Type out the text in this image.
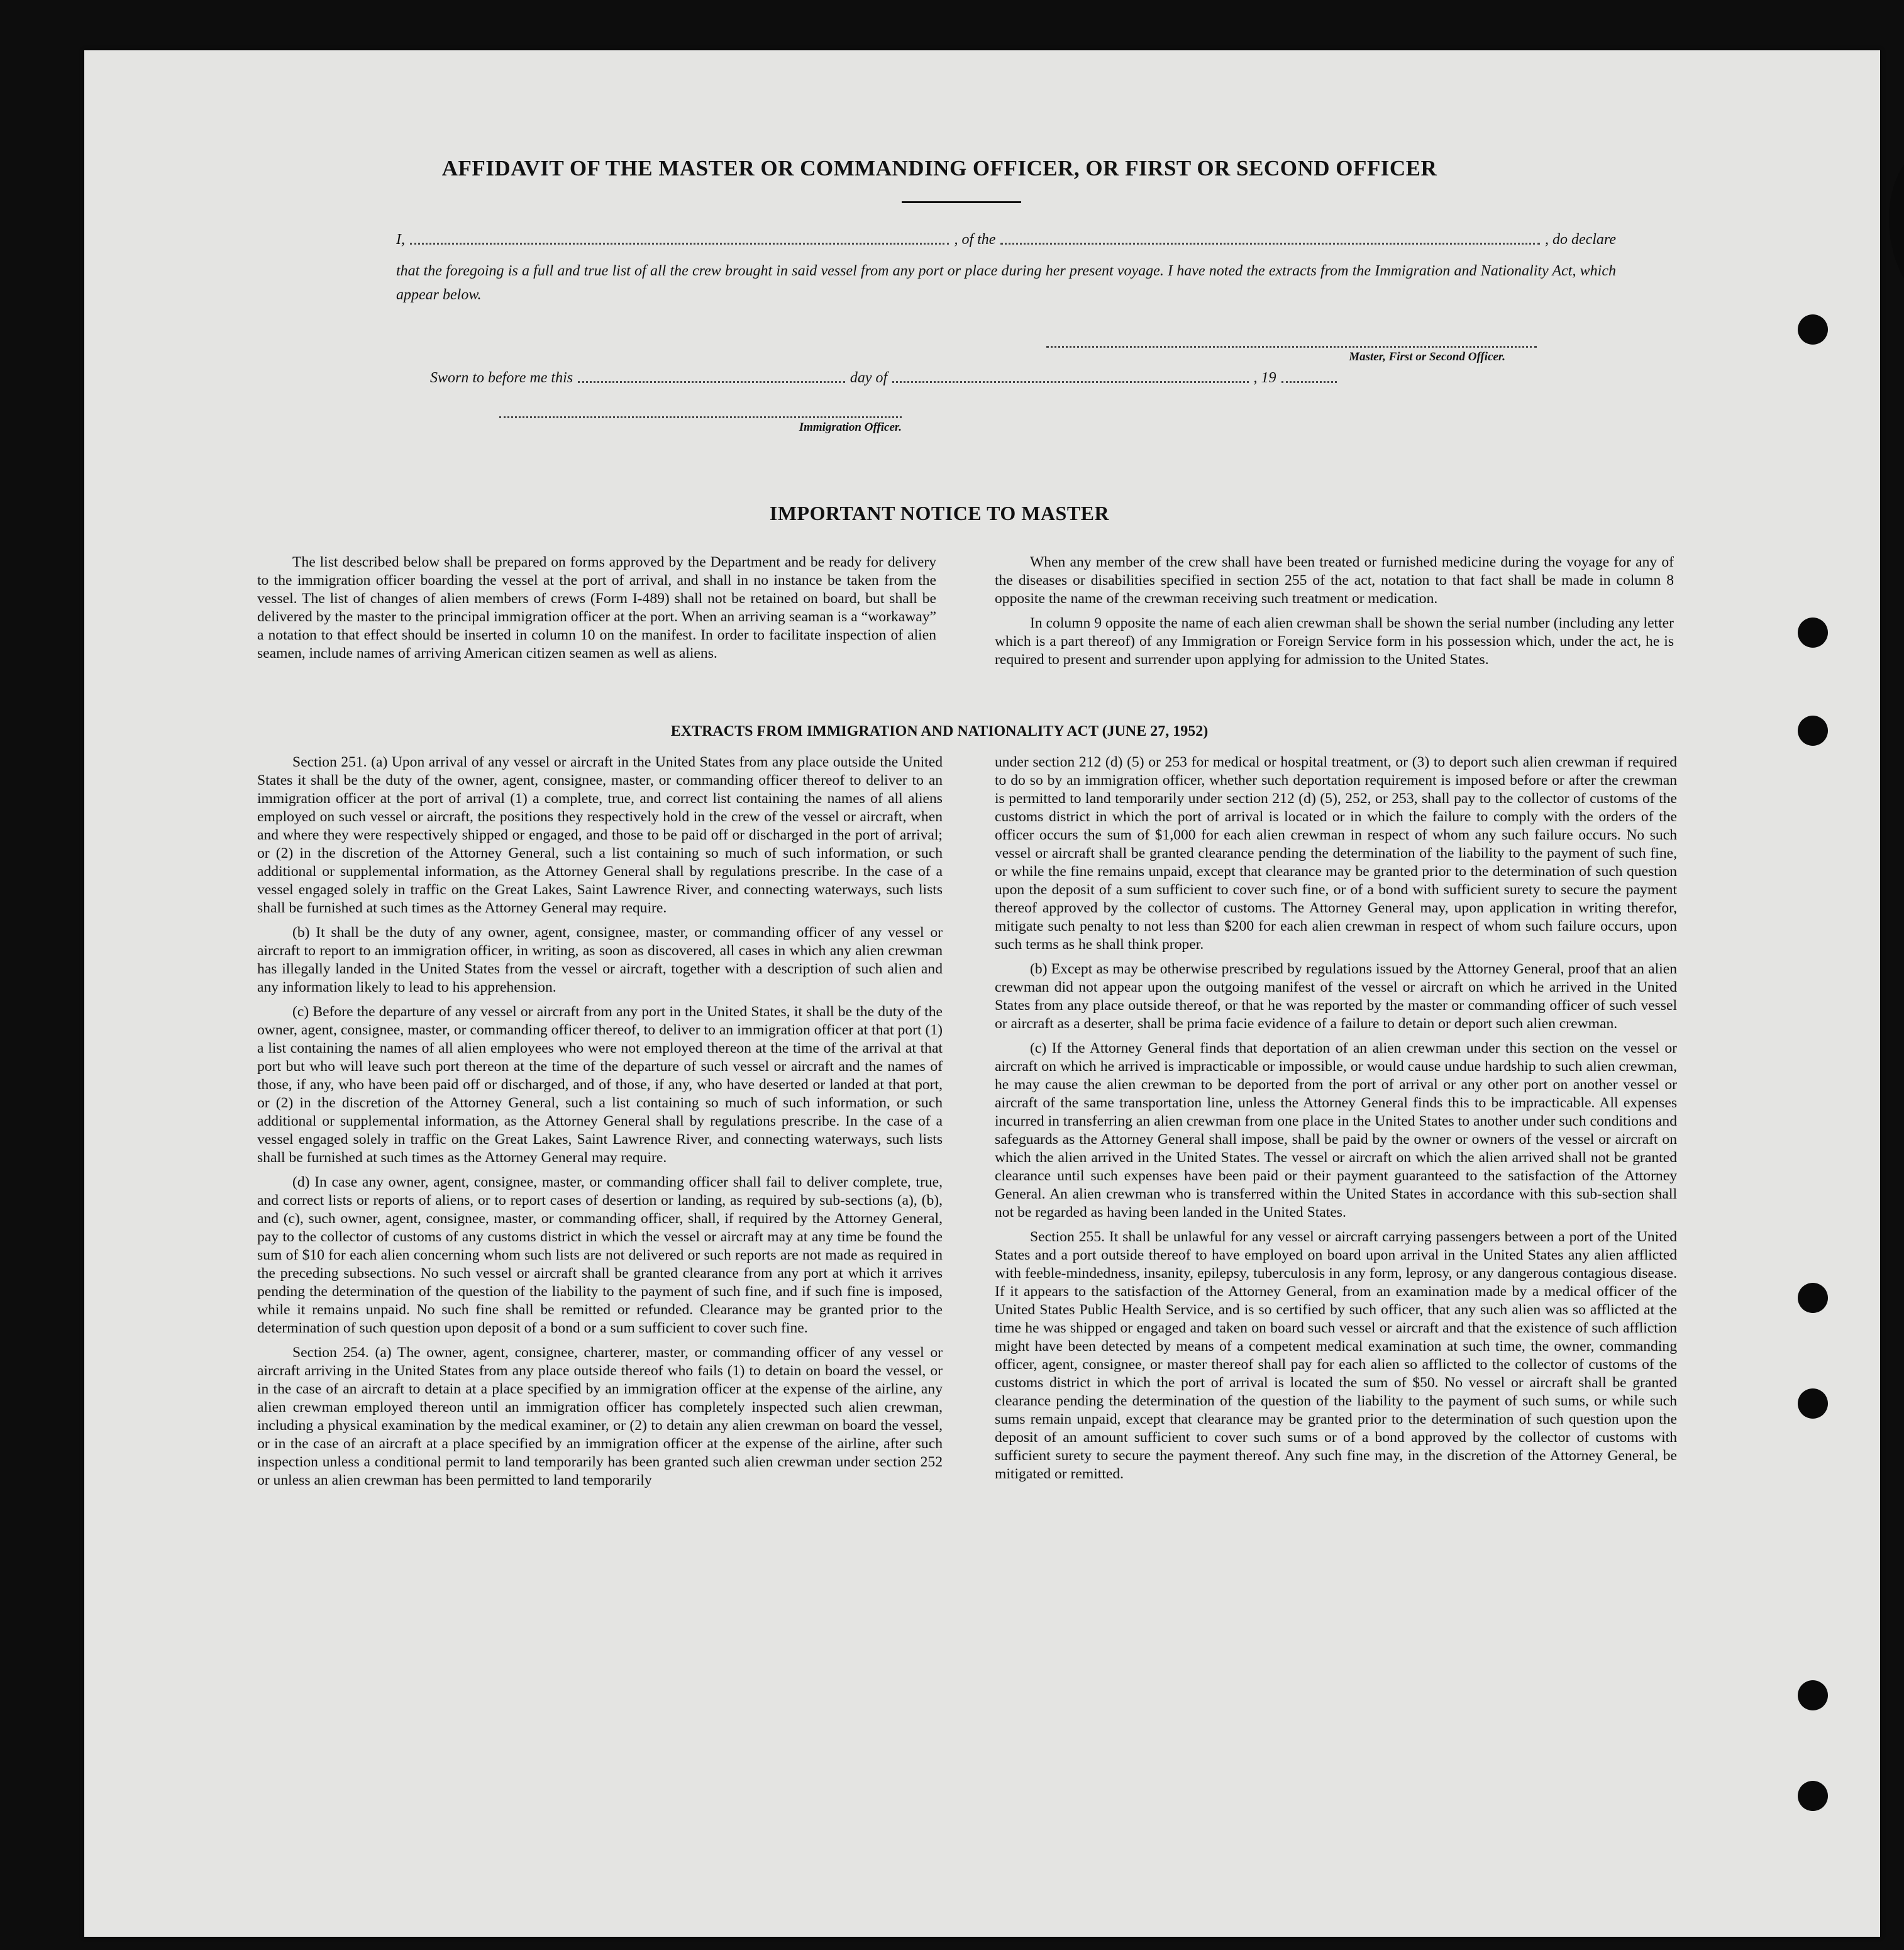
AFFIDAVIT OF THE MASTER OR COMMANDING OFFICER, OR FIRST OR SECOND OFFICER
I,	, of the	, do declare
that the foregoing is a full and true list of all the crew brought in said vessel from any port or place during her present voyage. I have noted the extracts from the Immigration and Nationality Act, which appear below.
Master, First or Second Officer.
Sworn to before me this	day of	, 19
Immigration Officer.
IMPORTANT NOTICE TO MASTER

The list described below shall be prepared on forms approved by the Department and be ready for delivery to the immigration officer boarding the vessel at the port of arrival, and shall in no instance be taken from the vessel. The list of changes of alien members of crews (Form I-489) shall not be retained on board, but shall be delivered by the master to the principal immigration officer at the port. When an arriving seaman is a “workaway” a notation to that effect should be inserted in column 10 on the manifest. In order to facilitate inspection of alien seamen, include names of arriving American citizen seamen as well as aliens.

When any member of the crew shall have been treated or furnished medicine during the voyage for any of the diseases or disabilities specified in section 255 of the act, notation to that fact shall be made in column 8 opposite the name of the crewman receiving such treatment or medication.

In column 9 opposite the name of each alien crewman shall be shown the serial number (including any letter which is a part thereof) of any Immigration or Foreign Service form in his possession which, under the act, he is required to present and surrender upon applying for admission to the United States.

EXTRACTS FROM IMMIGRATION AND NATIONALITY ACT (JUNE 27, 1952)

Section 251. (a) Upon arrival of any vessel or aircraft in the United States from any place outside the United States it shall be the duty of the owner, agent, consignee, master, or commanding officer thereof to deliver to an immigration officer at the port of arrival (1) a complete, true, and correct list containing the names of all aliens employed on such vessel or aircraft, the positions they respectively hold in the crew of the vessel or aircraft, when and where they were respectively shipped or engaged, and those to be paid off or discharged in the port of arrival; or (2) in the discretion of the Attorney General, such a list containing so much of such information, or such additional or supplemental information, as the Attorney General shall by regulations prescribe. In the case of a vessel engaged solely in traffic on the Great Lakes, Saint Lawrence River, and connecting waterways, such lists shall be furnished at such times as the Attorney General may require.

(b) It shall be the duty of any owner, agent, consignee, master, or commanding officer of any vessel or aircraft to report to an immigration officer, in writing, as soon as discovered, all cases in which any alien crewman has illegally landed in the United States from the vessel or aircraft, together with a description of such alien and any information likely to lead to his apprehension.

(c) Before the departure of any vessel or aircraft from any port in the United States, it shall be the duty of the owner, agent, consignee, master, or commanding officer thereof, to deliver to an immigration officer at that port (1) a list containing the names of all alien employees who were not employed thereon at the time of the arrival at that port but who will leave such port thereon at the time of the departure of such vessel or aircraft and the names of those, if any, who have been paid off or discharged, and of those, if any, who have deserted or landed at that port, or (2) in the discretion of the Attorney General, such a list containing so much of such information, or such additional or supplemental information, as the Attorney General shall by regulations prescribe. In the case of a vessel engaged solely in traffic on the Great Lakes, Saint Lawrence River, and connecting waterways, such lists shall be furnished at such times as the Attorney General may require.

(d) In case any owner, agent, consignee, master, or commanding officer shall fail to deliver complete, true, and correct lists or reports of aliens, or to report cases of desertion or landing, as required by sub-sections (a), (b), and (c), such owner, agent, consignee, master, or commanding officer, shall, if required by the Attorney General, pay to the collector of customs of any customs district in which the vessel or aircraft may at any time be found the sum of $10 for each alien concerning whom such lists are not delivered or such reports are not made as required in the preceding subsections. No such vessel or aircraft shall be granted clearance from any port at which it arrives pending the determination of the question of the liability to the payment of such fine, and if such fine is imposed, while it remains unpaid. No such fine shall be remitted or refunded. Clearance may be granted prior to the determination of such question upon deposit of a bond or a sum sufficient to cover such fine.

Section 254. (a) The owner, agent, consignee, charterer, master, or commanding officer of any vessel or aircraft arriving in the United States from any place outside thereof who fails (1) to detain on board the vessel, or in the case of an aircraft to detain at a place specified by an immigration officer at the expense of the airline, any alien crewman employed thereon until an immigration officer has completely inspected such alien crewman, including a physical examination by the medical examiner, or (2) to detain any alien crewman on board the vessel, or in the case of an aircraft at a place specified by an immigration officer at the expense of the airline, after such inspection unless a conditional permit to land temporarily has been granted such alien crewman under section 252 or unless an alien crewman has been permitted to land temporarily

under section 212 (d) (5) or 253 for medical or hospital treatment, or (3) to deport such alien crewman if required to do so by an immigration officer, whether such deportation requirement is imposed before or after the crewman is permitted to land temporarily under section 212 (d) (5), 252, or 253, shall pay to the collector of customs of the customs district in which the port of arrival is located or in which the failure to comply with the orders of the officer occurs the sum of $1,000 for each alien crewman in respect of whom any such failure occurs. No such vessel or aircraft shall be granted clearance pending the determination of the liability to the payment of such fine, or while the fine remains unpaid, except that clearance may be granted prior to the determination of such question upon the deposit of a sum sufficient to cover such fine, or of a bond with sufficient surety to secure the payment thereof approved by the collector of customs. The Attorney General may, upon application in writing therefor, mitigate such penalty to not less than $200 for each alien crewman in respect of whom such failure occurs, upon such terms as he shall think proper.

(b) Except as may be otherwise prescribed by regulations issued by the Attorney General, proof that an alien crewman did not appear upon the outgoing manifest of the vessel or aircraft on which he arrived in the United States from any place outside thereof, or that he was reported by the master or commanding officer of such vessel or aircraft as a deserter, shall be prima facie evidence of a failure to detain or deport such alien crewman.

(c) If the Attorney General finds that deportation of an alien crewman under this section on the vessel or aircraft on which he arrived is impracticable or impossible, or would cause undue hardship to such alien crewman, he may cause the alien crewman to be deported from the port of arrival or any other port on another vessel or aircraft of the same transportation line, unless the Attorney General finds this to be impracticable. All expenses incurred in transferring an alien crewman from one place in the United States to another under such conditions and safeguards as the Attorney General shall impose, shall be paid by the owner or owners of the vessel or aircraft on which the alien arrived in the United States. The vessel or aircraft on which the alien arrived shall not be granted clearance until such expenses have been paid or their payment guaranteed to the satisfaction of the Attorney General. An alien crewman who is transferred within the United States in accordance with this sub-section shall not be regarded as having been landed in the United States.

Section 255. It shall be unlawful for any vessel or aircraft carrying passengers between a port of the United States and a port outside thereof to have employed on board upon arrival in the United States any alien afflicted with feeble-mindedness, insanity, epilepsy, tuberculosis in any form, leprosy, or any dangerous contagious disease. If it appears to the satisfaction of the Attorney General, from an examination made by a medical officer of the United States Public Health Service, and is so certified by such officer, that any such alien was so afflicted at the time he was shipped or engaged and taken on board such vessel or aircraft and that the existence of such affliction might have been detected by means of a competent medical examination at such time, the owner, commanding officer, agent, consignee, or master thereof shall pay for each alien so afflicted to the collector of customs of the customs district in which the port of arrival is located the sum of $50. No vessel or aircraft shall be granted clearance pending the determination of the question of the liability to the payment of such sums, or while such sums remain unpaid, except that clearance may be granted prior to the determination of such question upon the deposit of an amount sufficient to cover such sums or of a bond approved by the collector of customs with sufficient surety to secure the payment thereof. Any such fine may, in the discretion of the Attorney General, be mitigated or remitted.
